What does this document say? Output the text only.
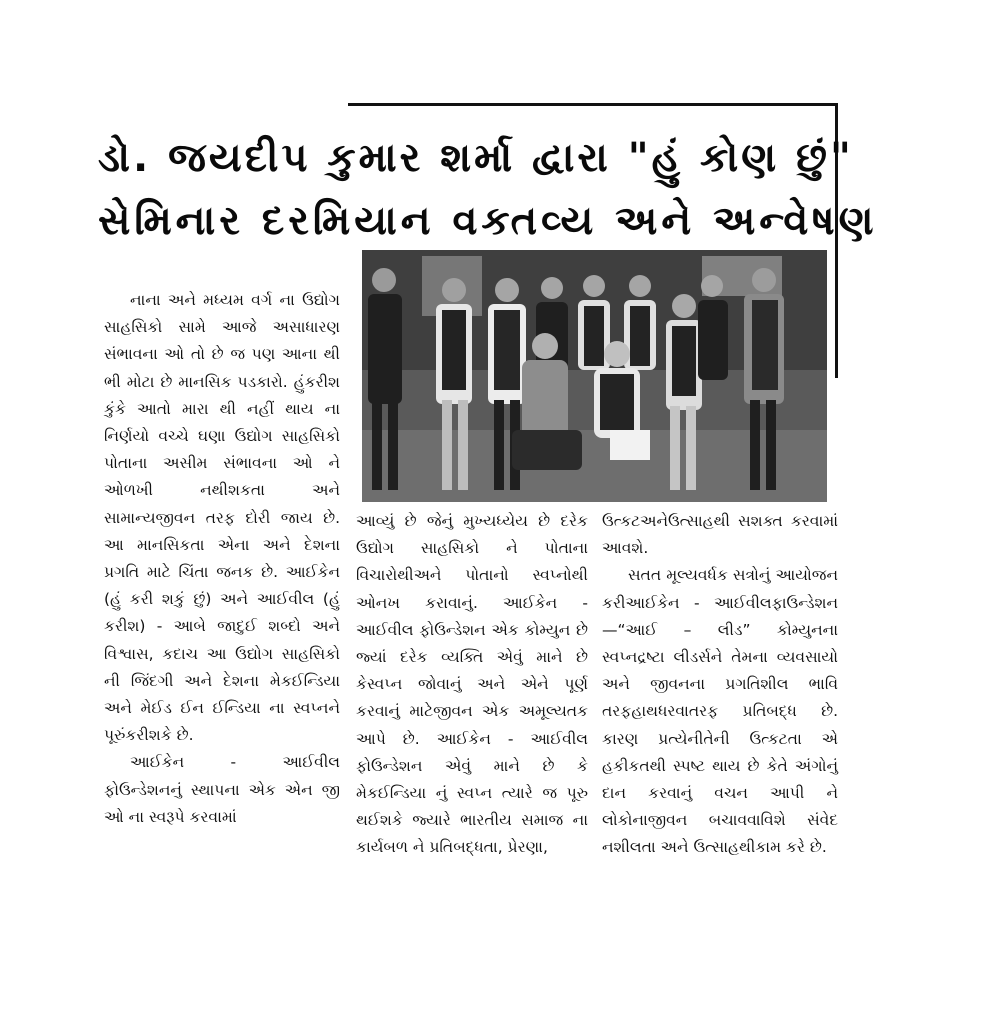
ડો. જયદીપ કુમાર શર્મા દ્વારા "હું કોણ છું"
સેમિનાર દરમિયાન વક્તવ્ય અને અન્વેષણ

નાના અને મધ્યમ વર્ગ ના ઉદ્યોગ સાહસિકો સામે આજે અસાધારણ સંભાવના ઓ તો છે જ પણ આના થી ભી મોટા છે માનસિક પડકારો. હુંકરીશ કુંકે આતો મારા થી નહીં થાય ના નિર્ણયો વચ્ચે ઘણા ઉદ્યોગ સાહસિકો પોતાના અસીમ સંભાવના ઓ ને ઓળખી નથીશકતા અને સામાન્યજીવન તરફ દોરી જાય છે. આ માનસિકતા એના અને દેશના પ્રગતિ માટે ચિંતા જનક છે. આઈકેન (હું કરી શકું છું) અને આઈવીલ (હું કરીશ) - આબે જાદુઈ શબ્દો અને વિશ્વાસ, કદાચ આ ઉદ્યોગ સાહસિકો ની જિંદગી અને દેશના મેકઈન્ડિયા અને મેઈડ ઈન ઈન્ડિયા ના સ્વપ્નને પૂરુંકરીશકે છે.

આઈકેન - આઈવીલ ફોઉન્ડેશનનું સ્થાપના એક એન જી ઓ ના સ્વરૂપે કરવામાં

આવ્યું છે જેનું મુખ્યધ્યેય છે દરેક ઉદ્યોગ સાહસિકો ને પોતાના વિચારોથીઅને પોતાનો સ્વપ્નોથી ઓનખ કરાવાનું. આઈકેન - આઈવીલ ફોઉન્ડેશન એક કોમ્યુન છે જ્યાં દરેક વ્યક્તિ એવું માને છે કેસ્વપ્ન જોવાનું અને એને પૂર્ણ કરવાનું માટેજીવન એક અમૂલ્યતક આપે છે. આઈકેન - આઈવીલ ફોઉન્ડેશન એવું માને છે કે મેકઈન્ડિયા નું સ્વપ્ન ત્યારે જ પૂરુ થઈશકે જ્યારે ભારતીય સમાજ ના કાર્યબળ ને પ્રતિબદ્ધતા, પ્રેરણા,

ઉત્કટઅનેઉત્સાહથી સશક્ત કરવામાં આવશે.

સતત મૂલ્યવર્ધક સત્રોનું આયોજન કરીઆઈકેન - આઈવીલફાઉન્ડેશન—“આઈ – લીડ” કોમ્યુનના સ્વપ્નદ્રષ્ટા લીડર્સને તેમના વ્યવસાયો અને જીવનના પ્રગતિશીલ ભાવિ તરફહાથધરવાતરફ પ્રતિબદ્ધ છે. કારણ પ્રત્યેનીતેની ઉત્કટતા એ હકીકતથી સ્પષ્ટ થાય છે કેતે અંગોનું દાન કરવાનું વચન આપી ને લોકોનાજીવન બચાવવાવિશે સંવેદ નશીલતા અને ઉત્સાહથીકામ કરે છે.
